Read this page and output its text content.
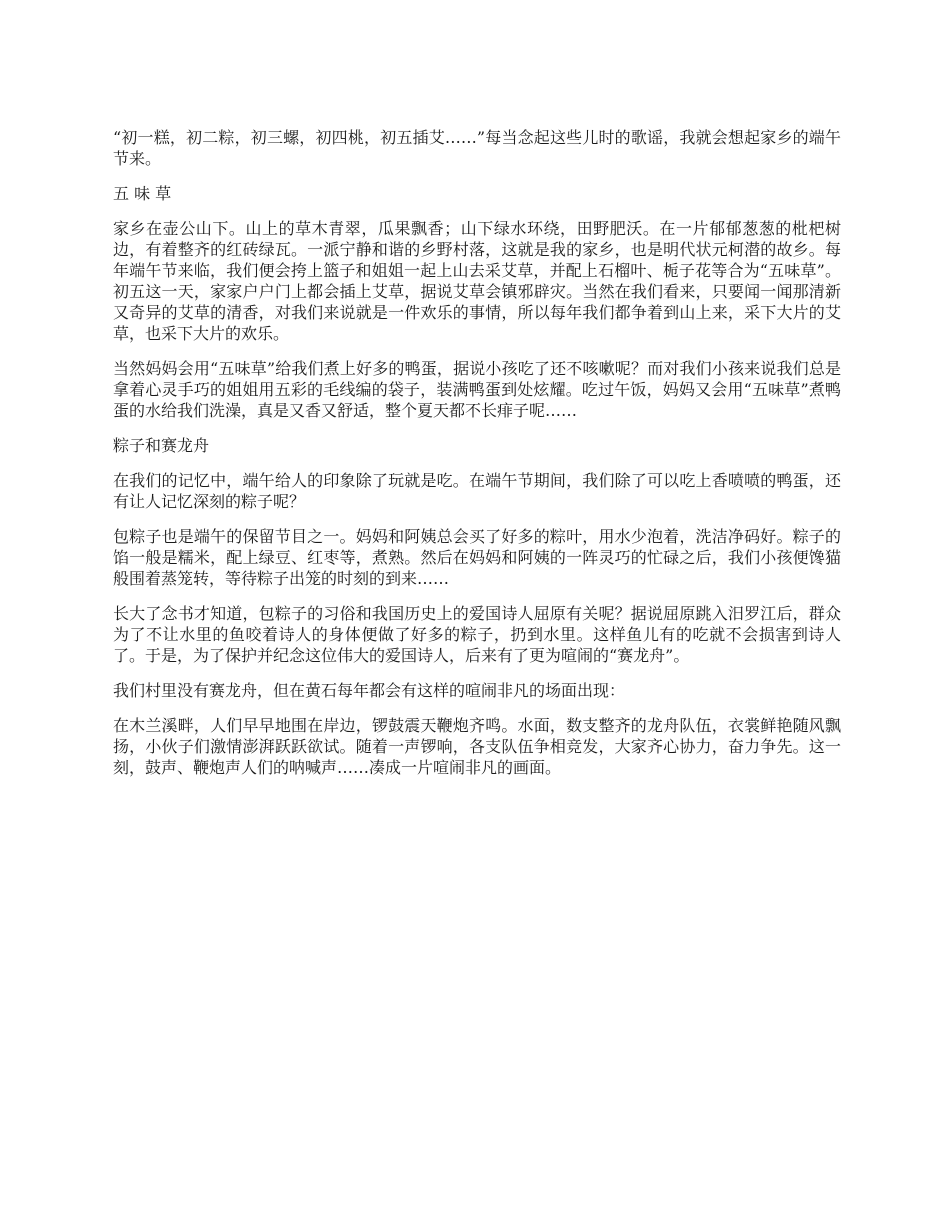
“初一糕，初二粽，初三螺，初四桃，初五插艾……”每当念起这些儿时的歌谣，我就会想起家乡的端午节来。

五 味 草

家乡在壶公山下。山上的草木青翠，瓜果飘香；山下绿水环绕，田野肥沃。在一片郁郁葱葱的枇杷树边，有着整齐的红砖绿瓦。一派宁静和谐的乡野村落，这就是我的家乡，也是明代状元柯潜的故乡。每年端午节来临，我们便会挎上篮子和姐姐一起上山去采艾草，并配上石榴叶、栀子花等合为“五味草”。初五这一天，家家户户门上都会插上艾草，据说艾草会镇邪辟灾。当然在我们看来，只要闻一闻那清新又奇异的艾草的清香，对我们来说就是一件欢乐的事情，所以每年我们都争着到山上来，采下大片的艾草，也采下大片的欢乐。

当然妈妈会用“五味草”给我们煮上好多的鸭蛋，据说小孩吃了还不咳嗽呢？而对我们小孩来说我们总是拿着心灵手巧的姐姐用五彩的毛线编的袋子，装满鸭蛋到处炫耀。吃过午饭，妈妈又会用“五味草”煮鸭蛋的水给我们洗澡，真是又香又舒适，整个夏天都不长痱子呢……

粽子和赛龙舟

在我们的记忆中，端午给人的印象除了玩就是吃。在端午节期间，我们除了可以吃上香喷喷的鸭蛋，还有让人记忆深刻的粽子呢？

包粽子也是端午的保留节目之一。妈妈和阿姨总会买了好多的粽叶，用水少泡着，洗洁净码好。粽子的馅一般是糯米，配上绿豆、红枣等，煮熟。然后在妈妈和阿姨的一阵灵巧的忙碌之后，我们小孩便馋猫般围着蒸笼转，等待粽子出笼的时刻的到来……

长大了念书才知道，包粽子的习俗和我国历史上的爱国诗人屈原有关呢？据说屈原跳入汨罗江后，群众为了不让水里的鱼咬着诗人的身体便做了好多的粽子，扔到水里。这样鱼儿有的吃就不会损害到诗人了。于是，为了保护并纪念这位伟大的爱国诗人，后来有了更为喧闹的“赛龙舟”。

我们村里没有赛龙舟，但在黄石每年都会有这样的喧闹非凡的场面出现：

在木兰溪畔，人们早早地围在岸边，锣鼓震天鞭炮齐鸣。水面，数支整齐的龙舟队伍，衣裳鲜艳随风飘扬，小伙子们激情澎湃跃跃欲试。随着一声锣响，各支队伍争相竞发，大家齐心协力，奋力争先。这一刻，鼓声、鞭炮声人们的呐喊声……凑成一片喧闹非凡的画面。
